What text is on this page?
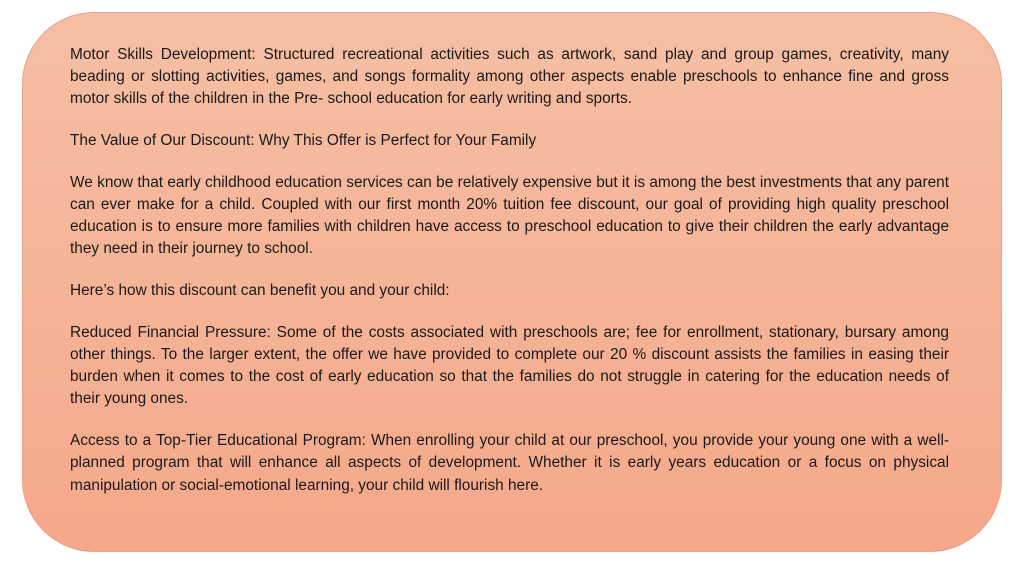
Motor Skills Development: Structured recreational activities such as artwork, sand play and group games, creativity, many beading or slotting activities, games, and songs formality among other aspects enable preschools to enhance fine and gross motor skills of the children in the Pre- school education for early writing and sports.

The Value of Our Discount: Why This Offer is Perfect for Your Family

We know that early childhood education services can be relatively expensive but it is among the best investments that any parent can ever make for a child. Coupled with our first month 20% tuition fee discount, our goal of providing high quality preschool education is to ensure more families with children have access to preschool education to give their children the early advantage they need in their journey to school.

Here’s how this discount can benefit you and your child:

Reduced Financial Pressure: Some of the costs associated with preschools are; fee for enrollment, stationary, bursary among other things. To the larger extent, the offer we have provided to complete our 20 % discount assists the families in easing their burden when it comes to the cost of early education so that the families do not struggle in catering for the education needs of their young ones.

Access to a Top-Tier Educational Program: When enrolling your child at our preschool, you provide your young one with a well-planned program that will enhance all aspects of development. Whether it is early years education or a focus on physical manipulation or social-emotional learning, your child will flourish here.
